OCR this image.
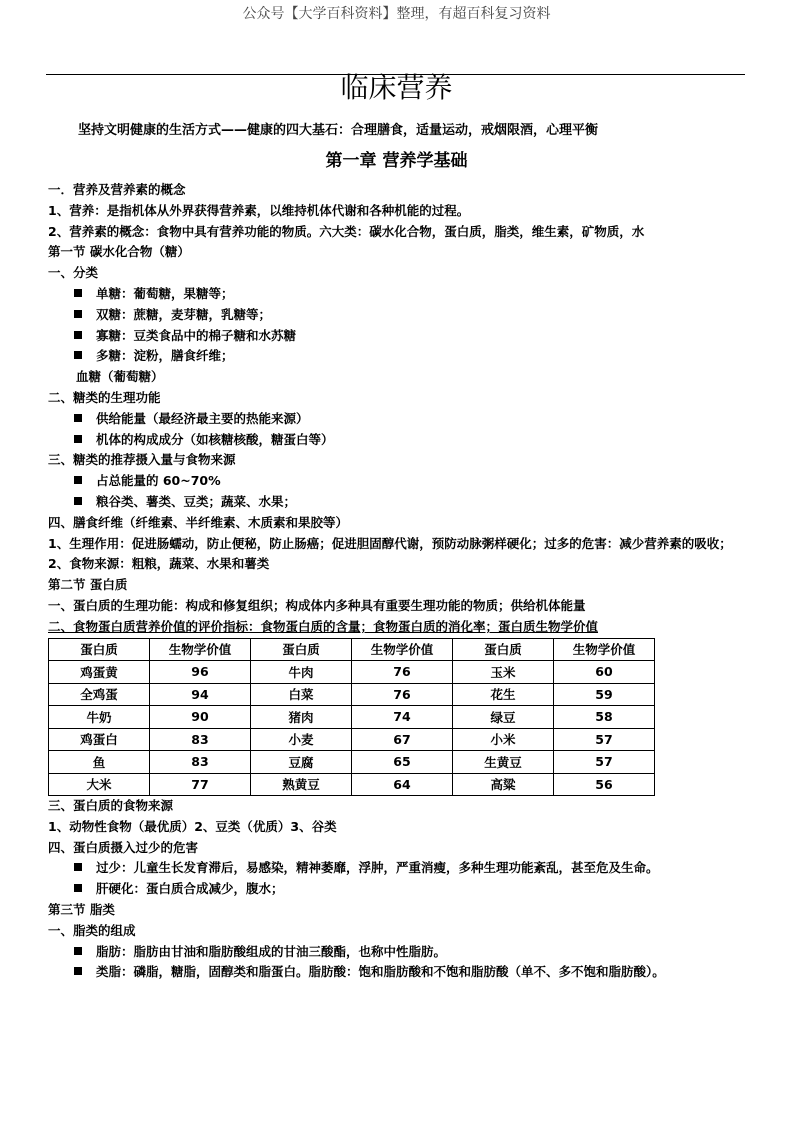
公众号【大学百科资料】整理，有超百科复习资料
临床营养
坚持文明健康的生活方式——健康的四大基石：合理膳食，适量运动，戒烟限酒，心理平衡
第一章 营养学基础
一．营养及营养素的概念
1、营养：是指机体从外界获得营养素，以维持机体代谢和各种机能的过程。
2、营养素的概念：食物中具有营养功能的物质。六大类：碳水化合物，蛋白质，脂类，维生素，矿物质，水
第一节 碳水化合物（糖）
一、分类
单糖：葡萄糖，果糖等；
双糖：蔗糖，麦芽糖，乳糖等；
寡糖：豆类食品中的棉子糖和水苏糖
多糖：淀粉，膳食纤维；
血糖（葡萄糖）
二、糖类的生理功能
供给能量（最经济最主要的热能来源）
机体的构成成分（如核糖核酸，糖蛋白等）
三、糖类的推荐摄入量与食物来源
占总能量的 60~70%
粮谷类、薯类、豆类；蔬菜、水果；
四、膳食纤维（纤维素、半纤维素、木质素和果胶等）
1、生理作用：促进肠蠕动，防止便秘，防止肠癌；促进胆固醇代谢，预防动脉粥样硬化；过多的危害：减少营养素的吸收；
2、食物来源：粗粮，蔬菜、水果和薯类
第二节 蛋白质
一、蛋白质的生理功能：构成和修复组织；构成体内多种具有重要生理功能的物质；供给机体能量
二、食物蛋白质营养价值的评价指标：食物蛋白质的含量；食物蛋白质的消化率；蛋白质生物学价值
蛋白质	生物学价值	蛋白质	生物学价值	蛋白质	生物学价值
鸡蛋黄	96	牛肉	76	玉米	60
全鸡蛋	94	白菜	76	花生	59
牛奶	90	猪肉	74	绿豆	58
鸡蛋白	83	小麦	67	小米	57
鱼	83	豆腐	65	生黄豆	57
大米	77	熟黄豆	64	高粱	56
三、蛋白质的食物来源
1、动物性食物（最优质）2、豆类（优质）3、谷类
四、蛋白质摄入过少的危害
过少：儿童生长发育滞后，易感染，精神萎靡，浮肿，严重消瘦，多种生理功能紊乱，甚至危及生命。
肝硬化：蛋白质合成减少，腹水；
第三节 脂类
一、脂类的组成
脂肪：脂肪由甘油和脂肪酸组成的甘油三酸酯，也称中性脂肪。
类脂：磷脂，糖脂，固醇类和脂蛋白。脂肪酸：饱和脂肪酸和不饱和脂肪酸（单不、多不饱和脂肪酸）。
